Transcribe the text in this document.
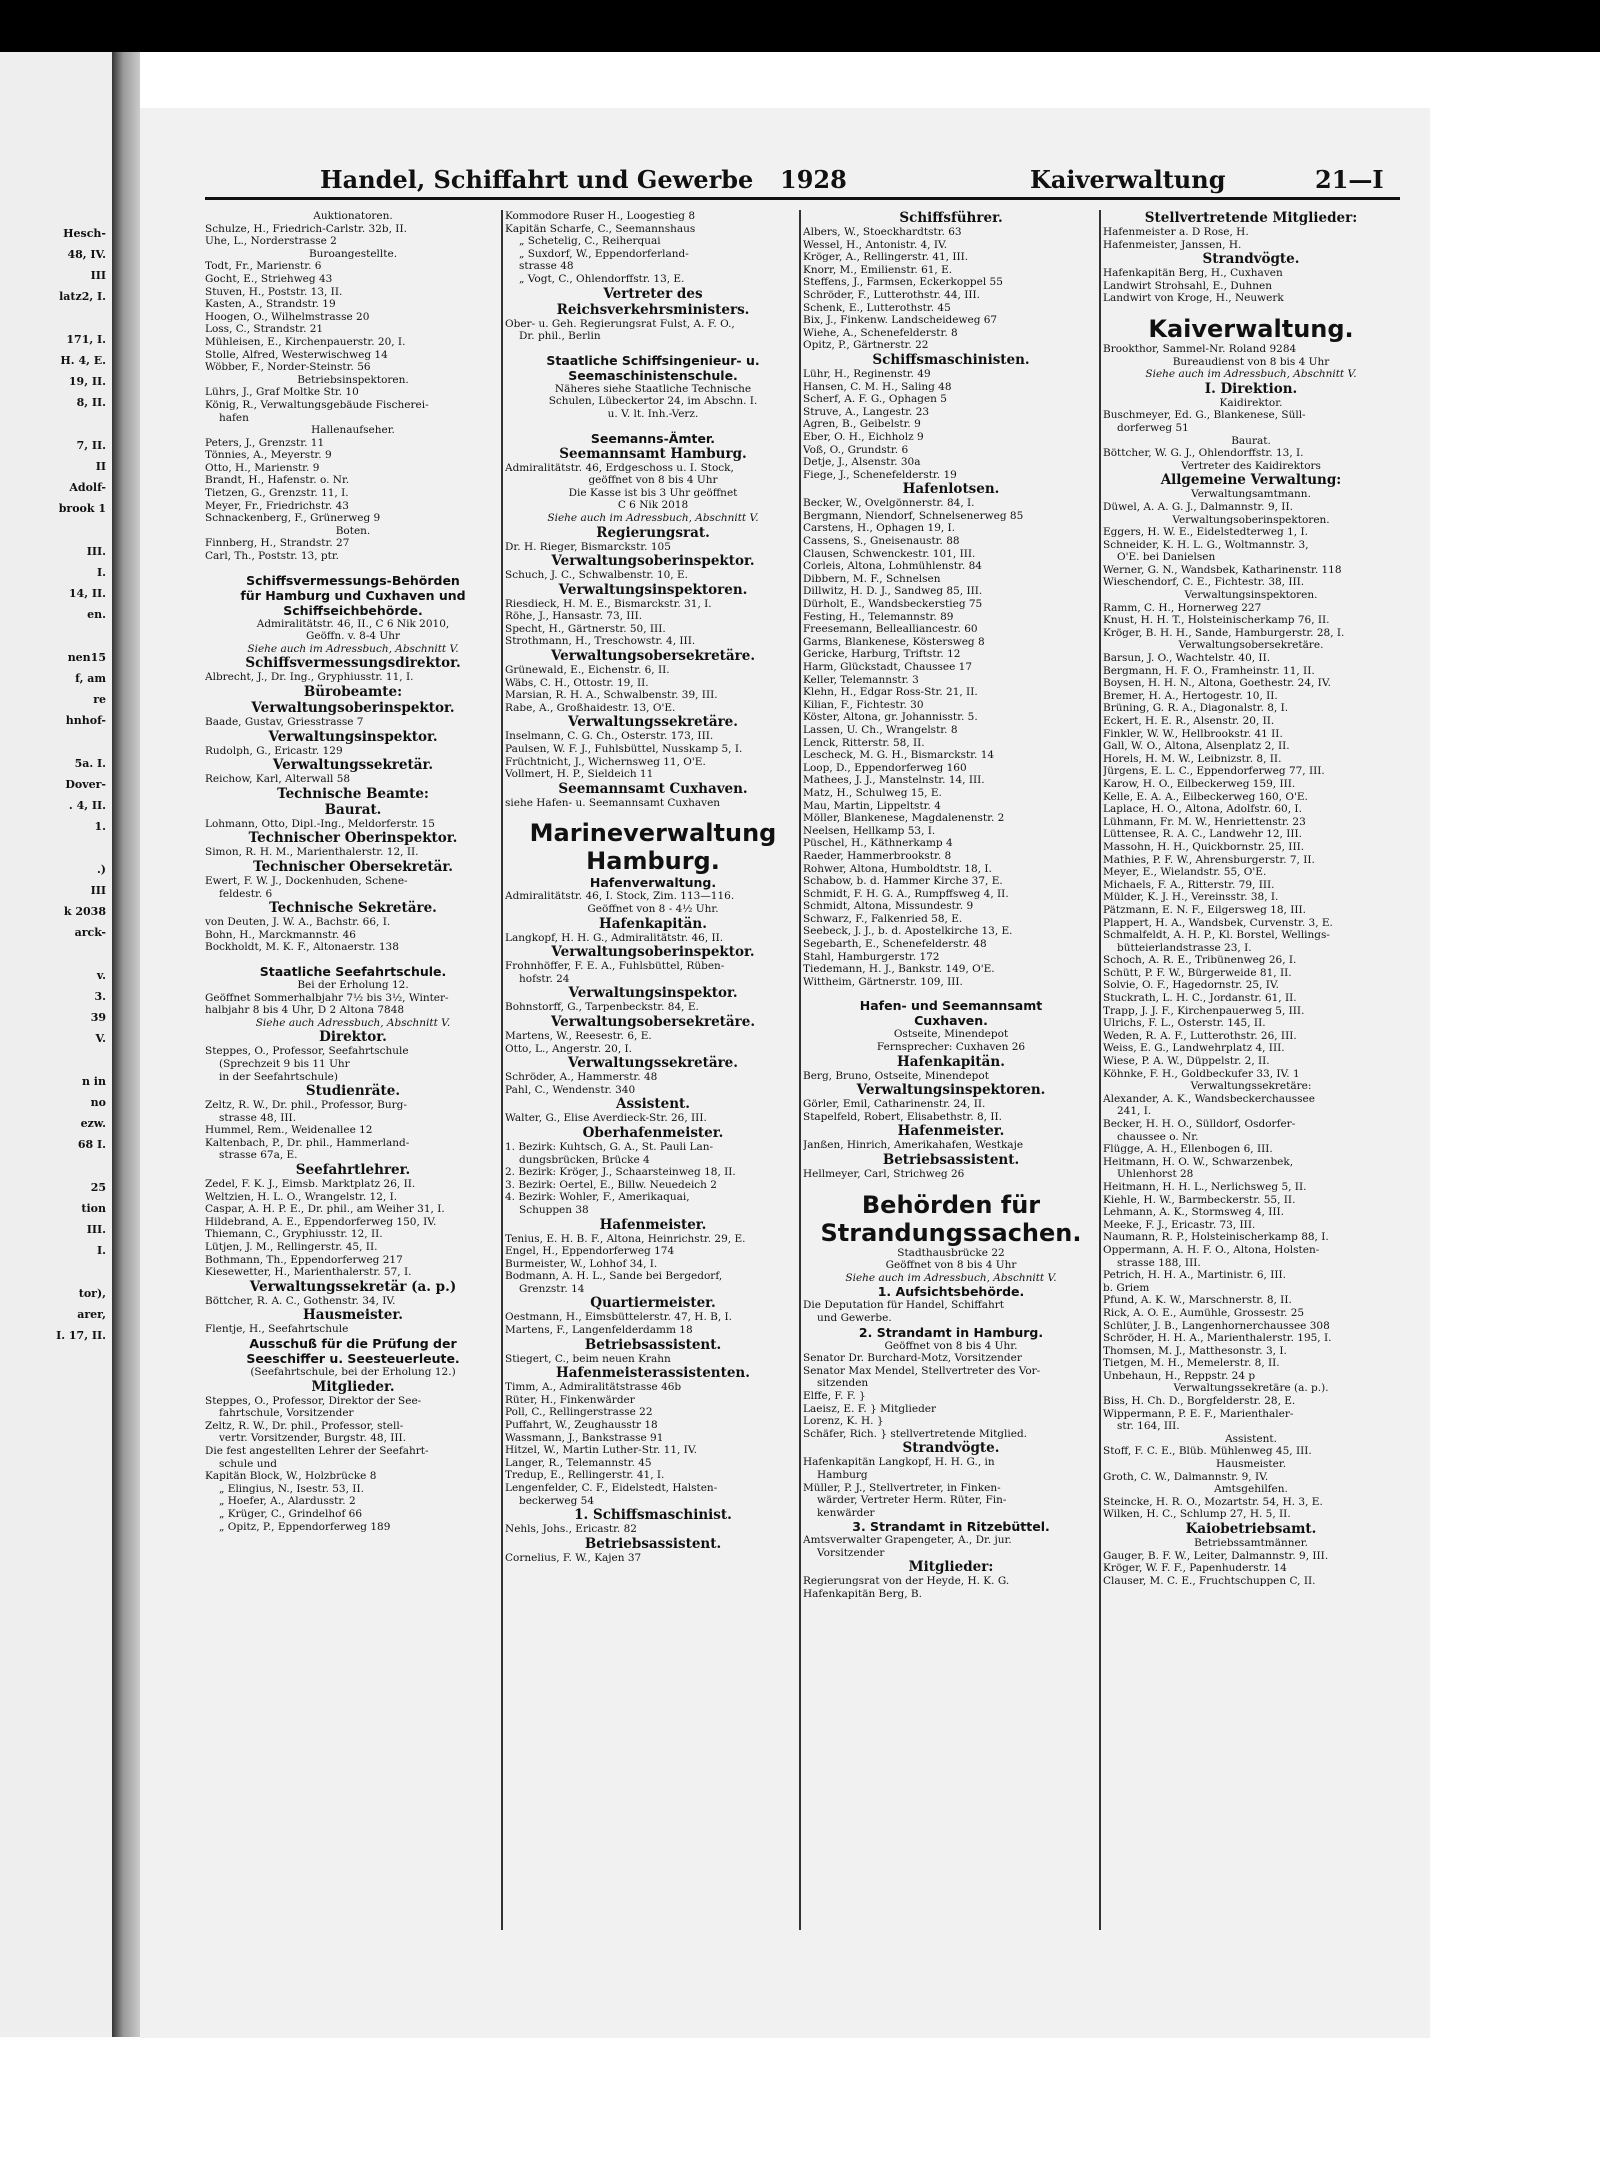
Hesch-
48, IV.
III
latz2, I.
171, I.
H. 4, E.
19, II.
8, II.
7, II.
II
Adolf-
brook 1
III.
I.
14, II.
en.
nen15
f, am
re
hnhof-
5a. I.
Dover-
. 4, II.
1.
.)
III
k 2038
arck-
v.
3.
39
V.
n in
no
ezw.
68 I.
25
tion
III.
I.
tor),
arer,
I. 17, II.
Handel, Schiffahrt und Gewerbe 1928	Kaiverwaltung	21—I
Auktionatoren.
Schulze, H., Friedrich-Carlstr. 32b, II.
Uhe, L., Norderstrasse 2
Buroangestellte.
Todt, Fr., Marienstr. 6
Gocht, E., Striehweg 43
Stuven, H., Poststr. 13, II.
Kasten, A., Strandstr. 19
Hoogen, O., Wilhelmstrasse 20
Loss, C., Strandstr. 21
Mühleisen, E., Kirchenpauerstr. 20, I.
Stolle, Alfred, Westerwischweg 14
Wöbber, F., Norder-Steinstr. 56
Betriebsinspektoren.
Lührs, J., Graf Moltke Str. 10
König, R., Verwaltungsgebäude Fischerei-
hafen
Hallenaufseher.
Peters, J., Grenzstr. 11
Tönnies, A., Meyerstr. 9
Otto, H., Marienstr. 9
Brandt, H., Hafenstr. o. Nr.
Tietzen, G., Grenzstr. 11, I.
Meyer, Fr., Friedrichstr. 43
Schnackenberg, F., Grünerweg 9
Boten.
Finnberg, H., Strandstr. 27
Carl, Th., Poststr. 13, ptr.
Schiffsvermessungs-Behörden
für Hamburg und Cuxhaven und
Schiffseichbehörde.
Admiralitätstr. 46, II., C 6 Nik 2010,
Geöffn. v. 8-4 Uhr
Siehe auch im Adressbuch, Abschnitt V.
Schiffsvermessungsdirektor.
Albrecht, J., Dr. Ing., Gryphiusstr. 11, I.
Bürobeamte:
Verwaltungsoberinspektor.
Baade, Gustav, Griesstrasse 7
Verwaltungsinspektor.
Rudolph, G., Ericastr. 129
Verwaltungssekretär.
Reichow, Karl, Alterwall 58
Technische Beamte:
Baurat.
Lohmann, Otto, Dipl.-Ing., Meldorferstr. 15
Technischer Oberinspektor.
Simon, R. H. M., Marienthalerstr. 12, II.
Technischer Obersekretär.
Ewert, F. W. J., Dockenhuden, Schene-
feldestr. 6
Technische Sekretäre.
von Deuten, J. W. A., Bachstr. 66, I.
Bohn, H., Marckmannstr. 46
Bockholdt, M. K. F., Altonaerstr. 138
Staatliche Seefahrtschule.
Bei der Erholung 12.
Geöffnet Sommerhalbjahr 7½ bis 3½, Winter-
halbjahr 8 bis 4 Uhr, D 2 Altona 7848
Siehe auch Adressbuch, Abschnitt V.
Direktor.
Steppes, O., Professor, Seefahrtschule
(Sprechzeit 9 bis 11 Uhr
in der Seefahrtschule)
Studienräte.
Zeltz, R. W., Dr. phil., Professor, Burg-
strasse 48, III.
Hummel, Rem., Weidenallee 12
Kaltenbach, P., Dr. phil., Hammerland-
strasse 67a, E.
Seefahrtlehrer.
Zedel, F. K. J., Eimsb. Marktplatz 26, II.
Weltzien, H. L. O., Wrangelstr. 12, I.
Caspar, A. H. P. E., Dr. phil., am Weiher 31, I.
Hildebrand, A. E., Eppendorferweg 150, IV.
Thiemann, C., Gryphiusstr. 12, II.
Lütjen, J. M., Rellingerstr. 45, II.
Bothmann, Th., Eppendorferweg 217
Kiesewetter, H., Marienthalerstr. 57, I.
Verwaltungssekretär (a. p.)
Böttcher, R. A. C., Gothenstr. 34, IV.
Hausmeister.
Flentje, H., Seefahrtschule
Ausschuß für die Prüfung der
Seeschiffer u. Seesteuerleute.
(Seefahrtschule, bei der Erholung 12.)
Mitglieder.
Steppes, O., Professor, Direktor der See-
fahrtschule, Vorsitzender
Zeltz, R. W., Dr. phil., Professor, stell-
vertr. Vorsitzender, Burgstr. 48, III.
Die fest angestellten Lehrer der Seefahrt-
schule und
Kapitän Block, W., Holzbrücke 8
„ Elingius, N., Isestr. 53, II.
„ Hoefer, A., Alardusstr. 2
„ Krüger, C., Grindelhof 66
„ Opitz, P., Eppendorferweg 189
Kommodore Ruser H., Loogestieg 8
Kapitän Scharfe, C., Seemannshaus
„ Schetelig, C., Reiherquai
„ Suxdorf, W., Eppendorferland-
strasse 48
„ Vogt, C., Ohlendorffstr. 13, E.
Vertreter des
Reichsverkehrsministers.
Ober- u. Geh. Regierungsrat Fulst, A. F. O.,
Dr. phil., Berlin
Staatliche Schiffsingenieur- u.
Seemaschinistenschule.
Näheres siehe Staatliche Technische
Schulen, Lübeckertor 24, im Abschn. I.
u. V. lt. Inh.-Verz.
Seemanns-Ämter.
Seemannsamt Hamburg.
Admiralitätstr. 46, Erdgeschoss u. I. Stock,
geöffnet von 8 bis 4 Uhr
Die Kasse ist bis 3 Uhr geöffnet
C 6 Nik 2018
Siehe auch im Adressbuch, Abschnitt V.
Regierungsrat.
Dr. H. Rieger, Bismarckstr. 105
Verwaltungsoberinspektor.
Schuch, J. C., Schwalbenstr. 10, E.
Verwaltungsinspektoren.
Riesdieck, H. M. E., Bismarckstr. 31, I.
Röhe, J., Hansastr. 73, III.
Specht, H., Gärtnerstr. 50, III.
Strothmann, H., Treschowstr. 4, III.
Verwaltungsobersekretäre.
Grünewald, E., Eichenstr. 6, II.
Wäbs, C. H., Ottostr. 19, II.
Marsian, R. H. A., Schwalbenstr. 39, III.
Rabe, A., Großhaidestr. 13, O'E.
Verwaltungssekretäre.
Inselmann, C. G. Ch., Osterstr. 173, III.
Paulsen, W. F. J., Fuhlsbüttel, Nusskamp 5, I.
Früchtnicht, J., Wichernsweg 11, O'E.
Vollmert, H. P., Sieldeich 11
Seemannsamt Cuxhaven.
siehe Hafen- u. Seemannsamt Cuxhaven
Marineverwaltung
Hamburg.
Hafenverwaltung.
Admiralitätstr. 46, I. Stock, Zim. 113—116.
Geöffnet von 8 - 4½ Uhr.
Hafenkapitän.
Langkopf, H. H. G., Admiralitätstr. 46, II.
Verwaltungsoberinspektor.
Frohnhöffer, F. E. A., Fuhlsbüttel, Rüben-
hofstr. 24
Verwaltungsinspektor.
Bohnstorff, G., Tarpenbeckstr. 84, E.
Verwaltungsobersekretäre.
Martens, W., Reesestr. 6, E.
Otto, L., Angerstr. 20, I.
Verwaltungssekretäre.
Schröder, A., Hammerstr. 48
Pahl, C., Wendenstr. 340
Assistent.
Walter, G., Elise Averdieck-Str. 26, III.
Oberhafenmeister.
1. Bezirk: Kuhtsch, G. A., St. Pauli Lan-
dungsbrücken, Brücke 4
2. Bezirk: Kröger, J., Schaarsteinweg 18, II.
3. Bezirk: Oertel, E., Billw. Neuedeich 2
4. Bezirk: Wohler, F., Amerikaquai,
Schuppen 38
Hafenmeister.
Tenius, E. H. B. F., Altona, Heinrichstr. 29, E.
Engel, H., Eppendorferweg 174
Burmeister, W., Lohhof 34, I.
Bodmann, A. H. L., Sande bei Bergedorf,
Grenzstr. 14
Quartiermeister.
Oestmann, H., Eimsbüttelerstr. 47, H. B, I.
Martens, F., Langenfelderdamm 18
Betriebsassistent.
Stiegert, C., beim neuen Krahn
Hafenmeisterassistenten.
Timm, A., Admiralitätstrasse 46b
Rüter, H., Finkenwärder
Poll, C., Rellingerstrasse 22
Puffahrt, W., Zeughausstr 18
Wassmann, J., Bankstrasse 91
Hitzel, W., Martin Luther-Str. 11, IV.
Langer, R., Telemannstr. 45
Tredup, E., Rellingerstr. 41, I.
Lengenfelder, C. F., Eidelstedt, Halsten-
beckerweg 54
1. Schiffsmaschinist.
Nehls, Johs., Ericastr. 82
Betriebsassistent.
Cornelius, F. W., Kajen 37
Schiffsführer.
Albers, W., Stoeckhardtstr. 63
Wessel, H., Antonistr. 4, IV.
Kröger, A., Rellingerstr. 41, III.
Knorr, M., Emilienstr. 61, E.
Steffens, J., Farmsen, Eckerkoppel 55
Schröder, F., Lutterothstr. 44, III.
Schenk, E., Lutterothstr. 45
Bix, J., Finkenw. Landscheideweg 67
Wiehe, A., Schenefelderstr. 8
Opitz, P., Gärtnerstr. 22
Schiffsmaschinisten.
Lühr, H., Reginenstr. 49
Hansen, C. M. H., Saling 48
Scherf, A. F. G., Ophagen 5
Struve, A., Langestr. 23
Agren, B., Geibelstr. 9
Eber, O. H., Eichholz 9
Voß, O., Grundstr. 6
Detje, J., Alsenstr. 30a
Fiege, J., Schenefelderstr. 19
Hafenlotsen.
Becker, W., Ovelgönnerstr. 84, I.
Bergmann, Niendorf, Schnelsenerweg 85
Carstens, H., Ophagen 19, I.
Cassens, S., Gneisenaustr. 88
Clausen, Schwenckestr. 101, III.
Corleis, Altona, Lohmühlenstr. 84
Dibbern, M. F., Schnelsen
Dillwitz, H. D. J., Sandweg 85, III.
Dürholt, E., Wandsbeckerstieg 75
Festing, H., Telemannstr. 89
Freesemann, Bellealliancestr. 60
Garms, Blankenese, Köstersweg 8
Gericke, Harburg, Triftstr. 12
Harm, Glückstadt, Chaussee 17
Keller, Telemannstr. 3
Klehn, H., Edgar Ross-Str. 21, II.
Kilian, F., Fichtestr. 30
Köster, Altona, gr. Johannisstr. 5.
Lassen, U. Ch., Wrangelstr. 8
Lenck, Ritterstr. 58, II.
Lescheck, M. G. H., Bismarckstr. 14
Loop, D., Eppendorferweg 160
Mathees, J. J., Manstelnstr. 14, III.
Matz, H., Schulweg 15, E.
Mau, Martin, Lippeltstr. 4
Möller, Blankenese, Magdalenenstr. 2
Neelsen, Hellkamp 53, I.
Püschel, H., Käthnerkamp 4
Raeder, Hammerbrookstr. 8
Rohwer, Altona, Humboldtstr. 18, I.
Schabow, b. d. Hammer Kirche 37, E.
Schmidt, F. H. G. A., Rumpffsweg 4, II.
Schmidt, Altona, Missundestr. 9
Schwarz, F., Falkenried 58, E.
Seebeck, J. J., b. d. Apostelkirche 13, E.
Segebarth, E., Schenefelderstr. 48
Stahl, Hamburgerstr. 172
Tiedemann, H. J., Bankstr. 149, O'E.
Wittheim, Gärtnerstr. 109, III.
Hafen- und Seemannsamt
Cuxhaven.
Ostseite, Minendepot
Fernsprecher: Cuxhaven 26
Hafenkapitän.
Berg, Bruno, Ostseite, Minendepot
Verwaltungsinspektoren.
Görler, Emil, Catharinenstr. 24, II.
Stapelfeld, Robert, Elisabethstr. 8, II.
Hafenmeister.
Janßen, Hinrich, Amerikahafen, Westkaje
Betriebsassistent.
Hellmeyer, Carl, Strichweg 26
Behörden für
Strandungssachen.
Stadthausbrücke 22
Geöffnet von 8 bis 4 Uhr
Siehe auch im Adressbuch, Abschnitt V.
1. Aufsichtsbehörde.
Die Deputation für Handel, Schiffahrt
und Gewerbe.
2. Strandamt in Hamburg.
Geöffnet von 8 bis 4 Uhr.
Senator Dr. Burchard-Motz, Vorsitzender
Senator Max Mendel, Stellvertreter des Vor-
sitzenden
Elffe, F. F. }
Laeisz, E. F. } Mitglieder
Lorenz, K. H. }
Schäfer, Rich. } stellvertretende Mitglied.
Strandvögte.
Hafenkapitän Langkopf, H. H. G., in
Hamburg
Müller, P. J., Stellvertreter, in Finken-
wärder, Vertreter Herm. Rüter, Fin-
kenwärder
3. Strandamt in Ritzebüttel.
Amtsverwalter Grapengeter, A., Dr. jur.
Vorsitzender
Mitglieder:
Regierungsrat von der Heyde, H. K. G.
Hafenkapitän Berg, B.
Stellvertretende Mitglieder:
Hafenmeister a. D Rose, H.
Hafenmeister, Janssen, H.
Strandvögte.
Hafenkapitän Berg, H., Cuxhaven
Landwirt Strohsahl, E., Duhnen
Landwirt von Kroge, H., Neuwerk
Kaiverwaltung.
Brookthor, Sammel-Nr. Roland 9284
Bureaudienst von 8 bis 4 Uhr
Siehe auch im Adressbuch, Abschnitt V.
I. Direktion.
Kaidirektor.
Buschmeyer, Ed. G., Blankenese, Süll-
dorferweg 51
Baurat.
Böttcher, W. G. J., Ohlendorffstr. 13, I.
Vertreter des Kaidirektors
Allgemeine Verwaltung:
Verwaltungsamtmann.
Düwel, A. A. G. J., Dalmannstr. 9, II.
Verwaltungsoberinspektoren.
Eggers, H. W. E., Eidelstedterweg 1, I.
Schneider, K. H. L. G., Woltmannstr. 3,
O'E. bei Danielsen
Werner, G. N., Wandsbek, Katharinenstr. 118
Wieschendorf, C. E., Fichtestr. 38, III.
Verwaltungsinspektoren.
Ramm, C. H., Hornerweg 227
Knust, H. H. T., Holsteinischerkamp 76, II.
Kröger, B. H. H., Sande, Hamburgerstr. 28, I.
Verwaltungsobersekretäre.
Barsun, J. O., Wachtelstr. 40, II.
Bergmann, H. F. O., Framheinstr. 11, II.
Boysen, H. H. N., Altona, Goethestr. 24, IV.
Bremer, H. A., Hertogestr. 10, II.
Brüning, G. R. A., Diagonalstr. 8, I.
Eckert, H. E. R., Alsenstr. 20, II.
Finkler, W. W., Hellbrookstr. 41 II.
Gall, W. O., Altona, Alsenplatz 2, II.
Horels, H. M. W., Leibnizstr. 8, II.
Jürgens, E. L. C., Eppendorferweg 77, III.
Karow, H. O., Eilbeckerweg 159, III.
Kelle, E. A. A., Eilbeckerweg 160, O'E.
Laplace, H. O., Altona, Adolfstr. 60, I.
Lühmann, Fr. M. W., Henriettenstr. 23
Lüttensee, R. A. C., Landwehr 12, III.
Massohn, H. H., Quickbornstr. 25, III.
Mathies, P. F. W., Ahrensburgerstr. 7, II.
Meyer, E., Wielandstr. 55, O'E.
Michaels, F. A., Ritterstr. 79, III.
Mülder, K. J. H., Vereinsstr. 38, I.
Pätzmann, E. N. F., Eilgersweg 18, III.
Plappert, H. A., Wandsbek, Curvenstr. 3, E.
Schmalfeldt, A. H. P., Kl. Borstel, Wellings-
bütteierlandstrasse 23, I.
Schoch, A. R. E., Tribünenweg 26, I.
Schütt, P. F. W., Bürgerweide 81, II.
Solvie, O. F., Hagedornstr. 25, IV.
Stuckrath, L. H. C., Jordanstr. 61, II.
Trapp, J. J. F., Kirchenpauerweg 5, III.
Ulrichs, F. L., Osterstr. 145, II.
Weden, R. A. F., Lutterothstr. 26, III.
Weiss, E. G., Landwehrplatz 4, III.
Wiese, P. A. W., Düppelstr. 2, II.
Köhnke, F. H., Goldbeckufer 33, IV. 1
Verwaltungssekretäre:
Alexander, A. K., Wandsbeckerchaussee
241, I.
Becker, H. H. O., Sülldorf, Osdorfer-
chaussee o. Nr.
Flügge, A. H., Ellenbogen 6, III.
Heitmann, H. O. W., Schwarzenbek,
Uhlenhorst 28
Heitmann, H. H. L., Nerlichsweg 5, II.
Kiehle, H. W., Barmbeckerstr. 55, II.
Lehmann, A. K., Stormsweg 4, III.
Meeke, F. J., Ericastr. 73, III.
Naumann, R. P., Holsteinischerkamp 88, I.
Oppermann, A. H. F. O., Altona, Holsten-
strasse 188, III.
Petrich, H. H. A., Martinistr. 6, III.
b. Griem
Pfund, A. K. W., Marschnerstr. 8, II.
Rick, A. O. E., Aumühle, Grossestr. 25
Schlüter, J. B., Langenhornerchaussee 308
Schröder, H. H. A., Marienthalerstr. 195, I.
Thomsen, M. J., Matthesonstr. 3, I.
Tietgen, M. H., Memelerstr. 8, II.
Unbehaun, H., Reppstr. 24 p
Verwaltungssekretäre (a. p.).
Biss, H. Ch. D., Borgfelderstr. 28, E.
Wippermann, P. E. F., Marienthaler-
str. 164, III.
Assistent.
Stoff, F. C. E., Blüb. Mühlenweg 45, III.
Hausmeister.
Groth, C. W., Dalmannstr. 9, IV.
Amtsgehilfen.
Steincke, H. R. O., Mozartstr. 54, H. 3, E.
Wilken, H. C., Schlump 27, H. 5, II.
Kaiobetriebsamt.
Betriebssamtmänner.
Gauger, B. F. W., Leiter, Dalmannstr. 9, III.
Kröger, W. F. F., Papenhuderstr. 14
Clauser, M. C. E., Fruchtschuppen C, II.
